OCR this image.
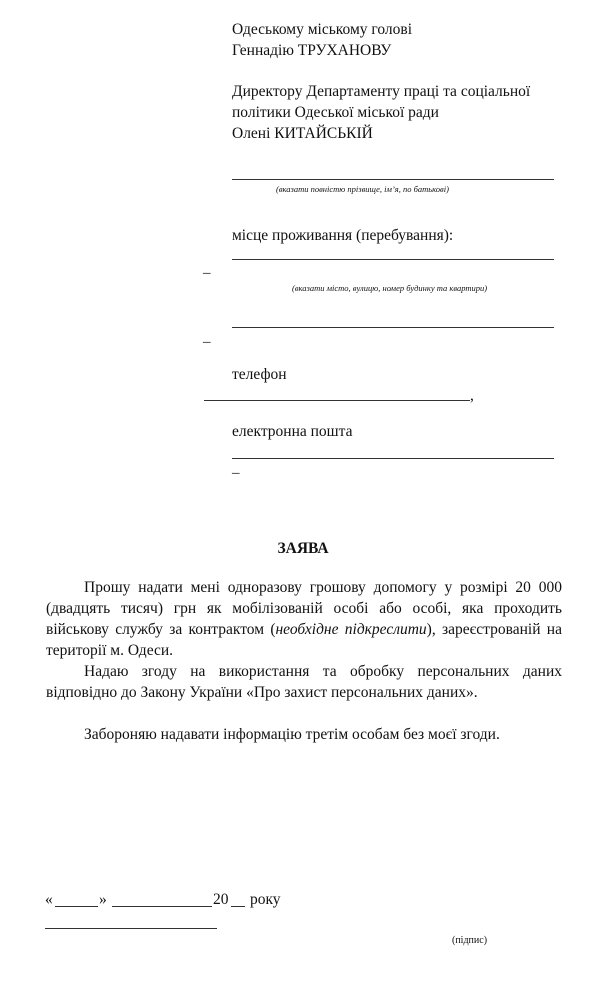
Одеському міському голові
Геннадію ТРУХАНОВУ
Директору Департаменту праці та соціальної
політики Одеської міської ради
Олені КИТАЙСЬКІЙ
(вказати повністю прізвище, ім’я, по батькові)
місце проживання (перебування):
–
(вказати місто, вулицю, номер будинку та квартири)
–
телефон
,
електронна пошта
–
ЗАЯВА
Прошу надати мені одноразову грошову допомогу у розмірі 20 000 (двадцять тисяч) грн як мобілізованій особі або особі, яка проходить військову службу за контрактом (необхідне підкреслити), зареєстрованій на території м. Одеси.
Надаю згоду на використання та обробку персональних даних відповідно до Закону України «Про захист персональних даних».
Забороняю надавати інформацію третім особам без моєї згоди.
«	»	20 року
(підпис)
